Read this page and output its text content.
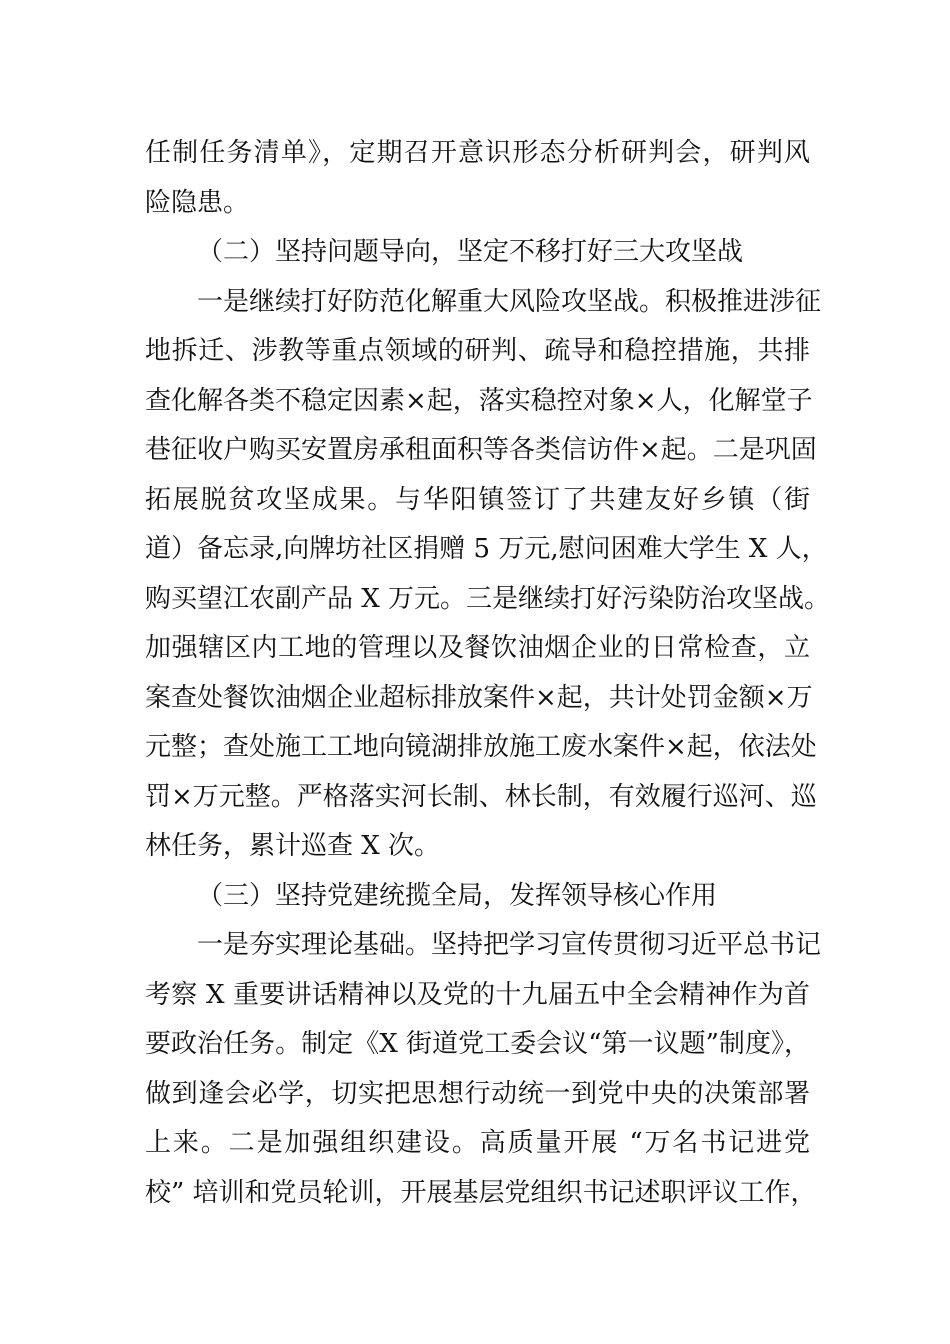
任制任务清单》，定期召开意识形态分析研判会，研判风
险隐患。
（二）坚持问题导向，坚定不移打好三大攻坚战
一是继续打好防范化解重大风险攻坚战。积极推进涉征
地拆迁、涉教等重点领域的研判、疏导和稳控措施，共排
查化解各类不稳定因素×起，落实稳控对象×人，化解堂子
巷征收户购买安置房承租面积等各类信访件×起。二是巩固
拓展脱贫攻坚成果。与华阳镇签订了共建友好乡镇（街
道）备忘录,向牌坊社区捐赠 5 万元,慰问困难大学生 X 人，
购买望江农副产品 X 万元。三是继续打好污染防治攻坚战。
加强辖区内工地的管理以及餐饮油烟企业的日常检查，立
案查处餐饮油烟企业超标排放案件×起，共计处罚金额×万
元整；查处施工工地向镜湖排放施工废水案件×起，依法处
罚×万元整。严格落实河长制、林长制，有效履行巡河、巡
林任务，累计巡查 X 次。
（三）坚持党建统揽全局，发挥领导核心作用
一是夯实理论基础。坚持把学习宣传贯彻习近平总书记
考察 X 重要讲话精神以及党的十九届五中全会精神作为首
要政治任务。制定《X 街道党工委会议“第一议题”制度》，
做到逢会必学，切实把思想行动统一到党中央的决策部署
上来。二是加强组织建设。高质量开展 “万名书记进党
校” 培训和党员轮训，开展基层党组织书记述职评议工作，
